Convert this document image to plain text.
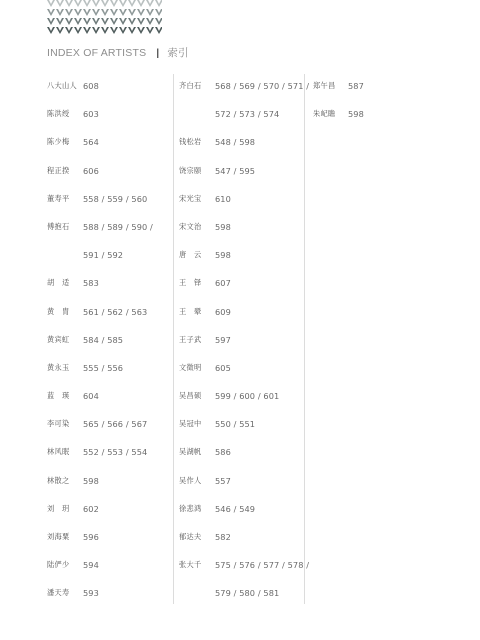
INDEX OF ARTISTS | 索引
八大山人 608
陈洪绶 603
陈少梅 564
程正揆 606
董寿平 558 / 559 / 560
傅抱石 588 / 589 / 590 /
591 / 592
胡　适 583
黄　胄 561 / 562 / 563
黄宾虹 584 / 585
黄永玉 555 / 556
蓝　瑛 604
李可染 565 / 566 / 567
林风眠 552 / 553 / 554
林散之 598
刘　玥 602
刘海粟 596
陆俨少 594
潘天寿 593
齐白石 568 / 569 / 570 / 571 /
572 / 573 / 574
钱松岩 548 / 598
饶宗颐 547 / 595
宋光宝 610
宋文治 598
唐　云 598
王　铎 607
王　翚 609
王子武 597
文徵明 605
吴昌硕 599 / 600 / 601
吴冠中 550 / 551
吴湖帆 586
吴作人 557
徐悲鸿 546 / 549
郁达夫 582
张大千 575 / 576 / 577 / 578 /
579 / 580 / 581
郑午昌 587
朱屺瞻 598
